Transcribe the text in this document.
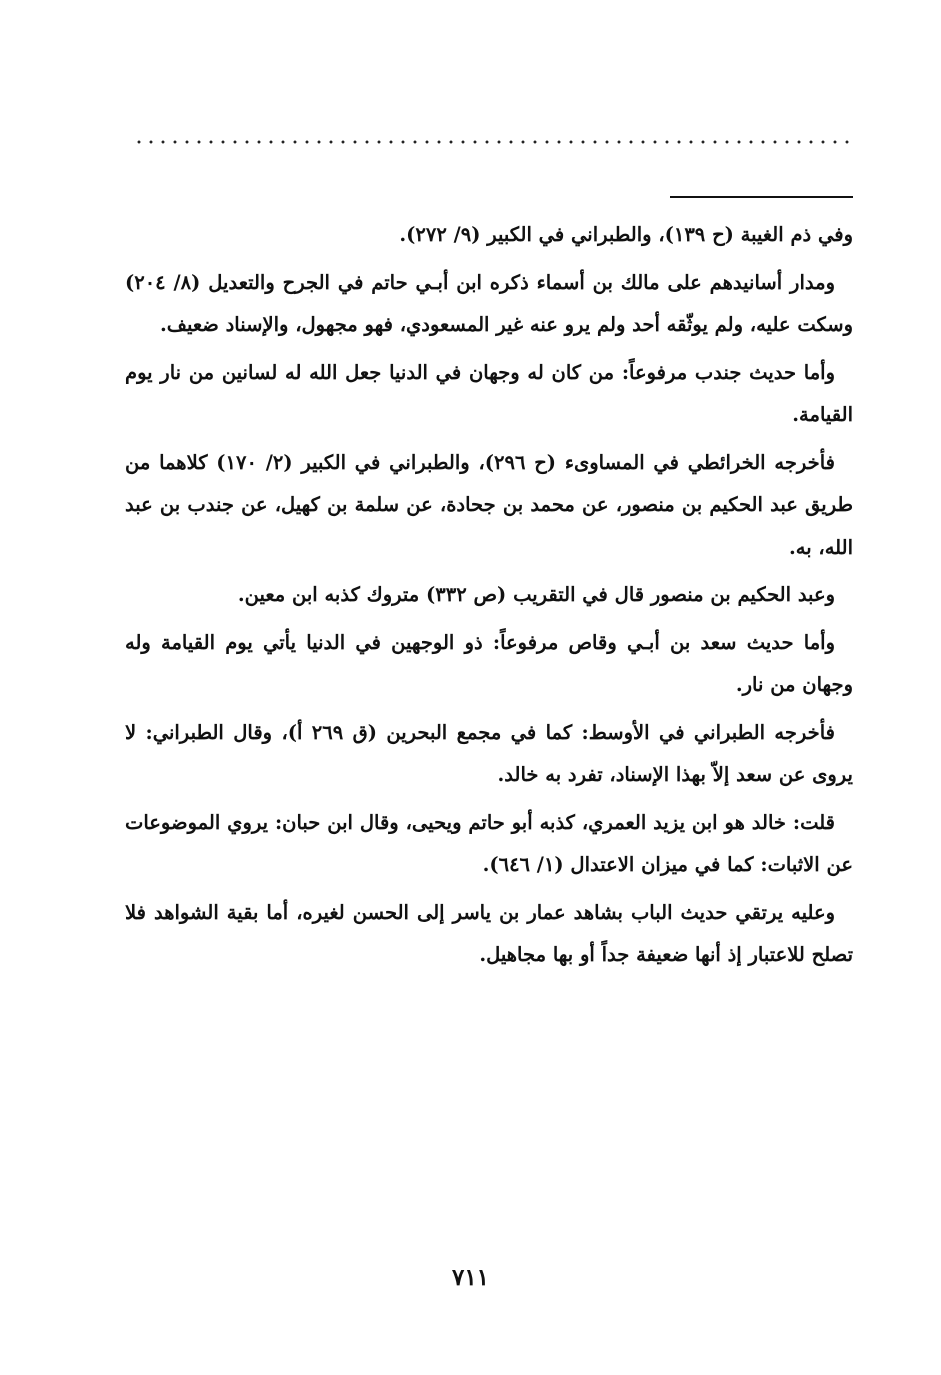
وفي ذم الغيبة (ح ١٣٩)، والطبراني في الكبير (٩/ ٢٧٢).

ومدار أسانيدهم على مالك بن أسماء ذكره ابن أبـي حاتم في الجرح والتعديل (٨/ ٢٠٤) وسكت عليه، ولم يوثّقه أحد ولم يرو عنه غير المسعودي، فهو مجهول، والإسناد ضعيف.

وأما حديث جندب مرفوعاً: من كان له وجهان في الدنيا جعل الله له لسانين من نار يوم القيامة.

فأخرجه الخرائطي في المساوىء (ح ٢٩٦)، والطبراني في الكبير (٢/ ١٧٠) كلاهما من طريق عبد الحكيم بن منصور، عن محمد بن جحادة، عن سلمة بن كهيل، عن جندب بن عبد الله، به.

وعبد الحكيم بن منصور قال في التقريب (ص ٣٣٢) متروك كذبه ابن معين.

وأما حديث سعد بن أبـي وقاص مرفوعاً: ذو الوجهين في الدنيا يأتي يوم القيامة وله وجهان من نار.

فأخرجه الطبراني في الأوسط: كما في مجمع البحرين (ق ٢٦٩ أ)، وقال الطبراني: لا يروى عن سعد إلاّ بهذا الإسناد، تفرد به خالد.

قلت: خالد هو ابن يزيد العمري، كذبه أبو حاتم ويحيى، وقال ابن حبان: يروي الموضوعات عن الاثبات: كما في ميزان الاعتدال (١/ ٦٤٦).

وعليه يرتقي حديث الباب بشاهد عمار بن ياسر إلى الحسن لغيره، أما بقية الشواهد فلا تصلح للاعتبار إذ أنها ضعيفة جداً أو بها مجاهيل.

٧١١
